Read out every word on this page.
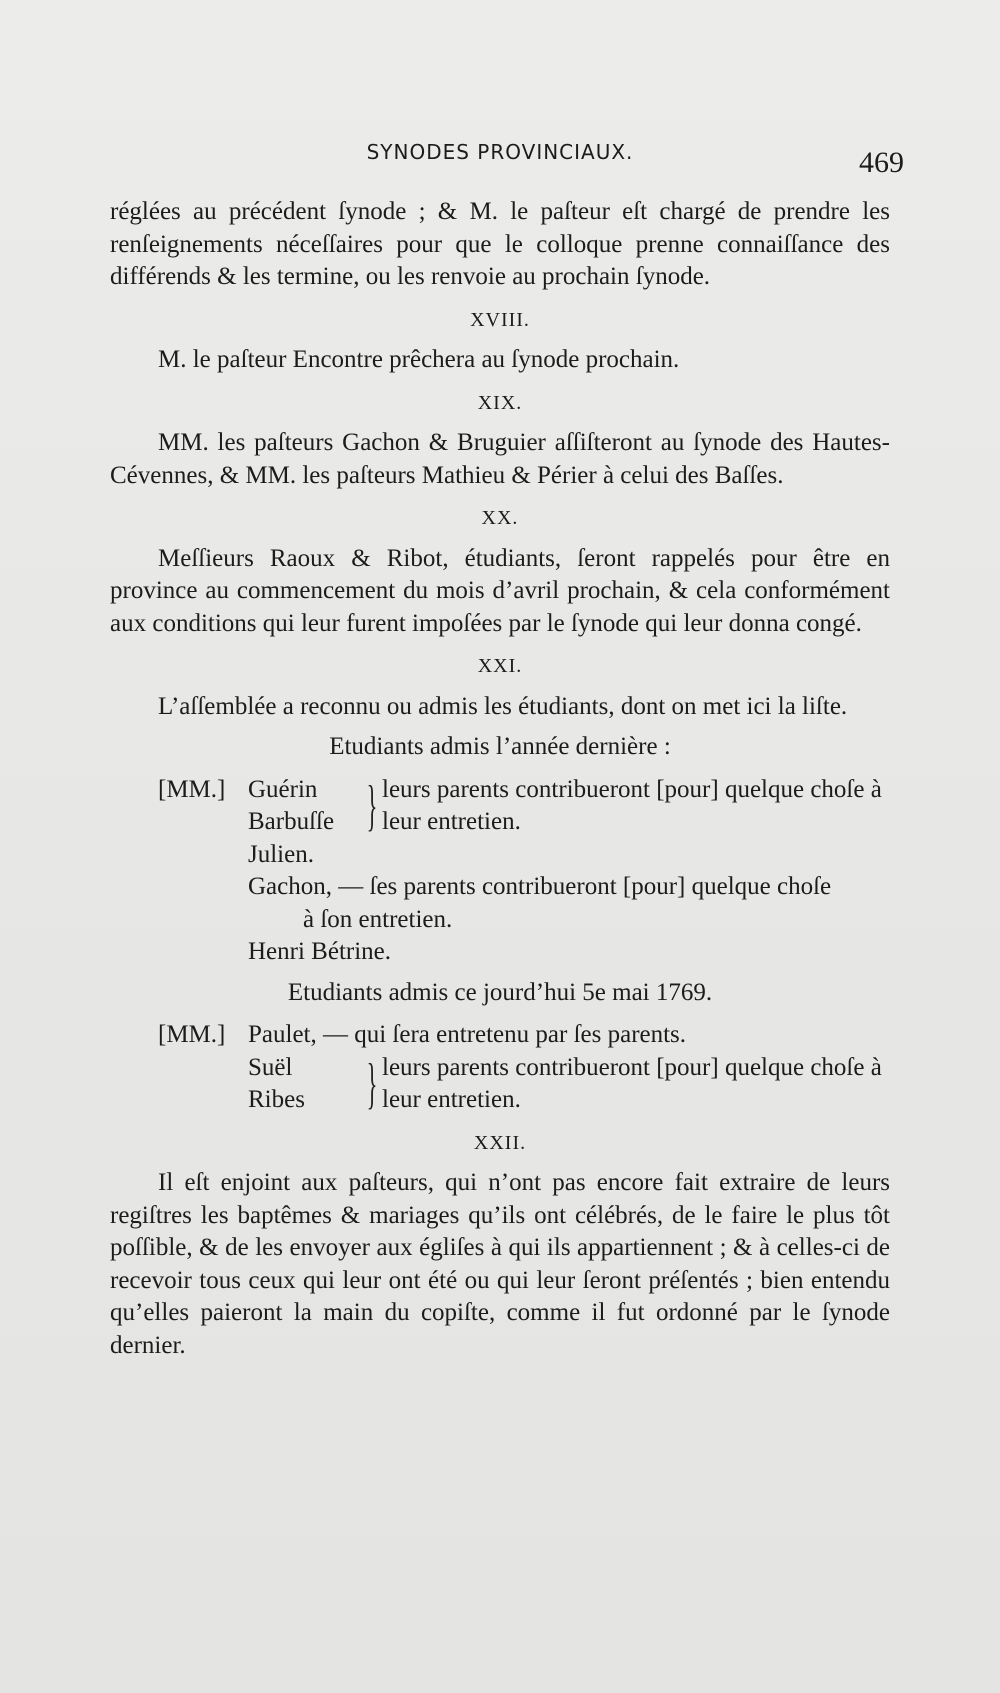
SYNODES PROVINCIAUX.	469

réglées au précédent ſynode ; & M. le paſteur eſt chargé de prendre les renſeignements néceſſaires pour que le colloque prenne connaiſſance des différends & les termine, ou les renvoie au prochain ſynode.

XVIII.

M. le paſteur Encontre prêchera au ſynode prochain.

XIX.

MM. les paſteurs Gachon & Bruguier aſſiſteront au ſynode des Hautes-Cévennes, & MM. les paſteurs Mathieu & Périer à celui des Baſſes.

XX.

Meſſieurs Raoux & Ribot, étudiants, ſeront rappelés pour être en province au commencement du mois d’avril prochain, & cela conformément aux conditions qui leur furent impoſées par le ſynode qui leur donna congé.

XXI.

L’aſſemblée a reconnu ou admis les étudiants, dont on met ici la liſte.

Etudiants admis l’année dernière :
[MM.] Guérin
Barbuſſe } leurs parents contribueront [pour] quelque choſe à leur entretien.
Julien.
Gachon, — ſes parents contribueront [pour] quelque choſe
à ſon entretien.
Henri Bétrine.
Etudiants admis ce jourd’hui 5e mai 1769.
[MM.] Paulet, — qui ſera entretenu par ſes parents.
Suël
Ribes	} leurs parents contribueront [pour] quelque choſe à leur entretien.
XXII.

Il eſt enjoint aux paſteurs, qui n’ont pas encore fait extraire de leurs regiſtres les baptêmes & mariages qu’ils ont célébrés, de le faire le plus tôt poſſible, & de les envoyer aux égliſes à qui ils appartiennent ; & à celles-ci de recevoir tous ceux qui leur ont été ou qui leur ſeront préſentés ; bien entendu qu’elles paieront la main du copiſte, comme il fut ordonné par le ſynode dernier.
